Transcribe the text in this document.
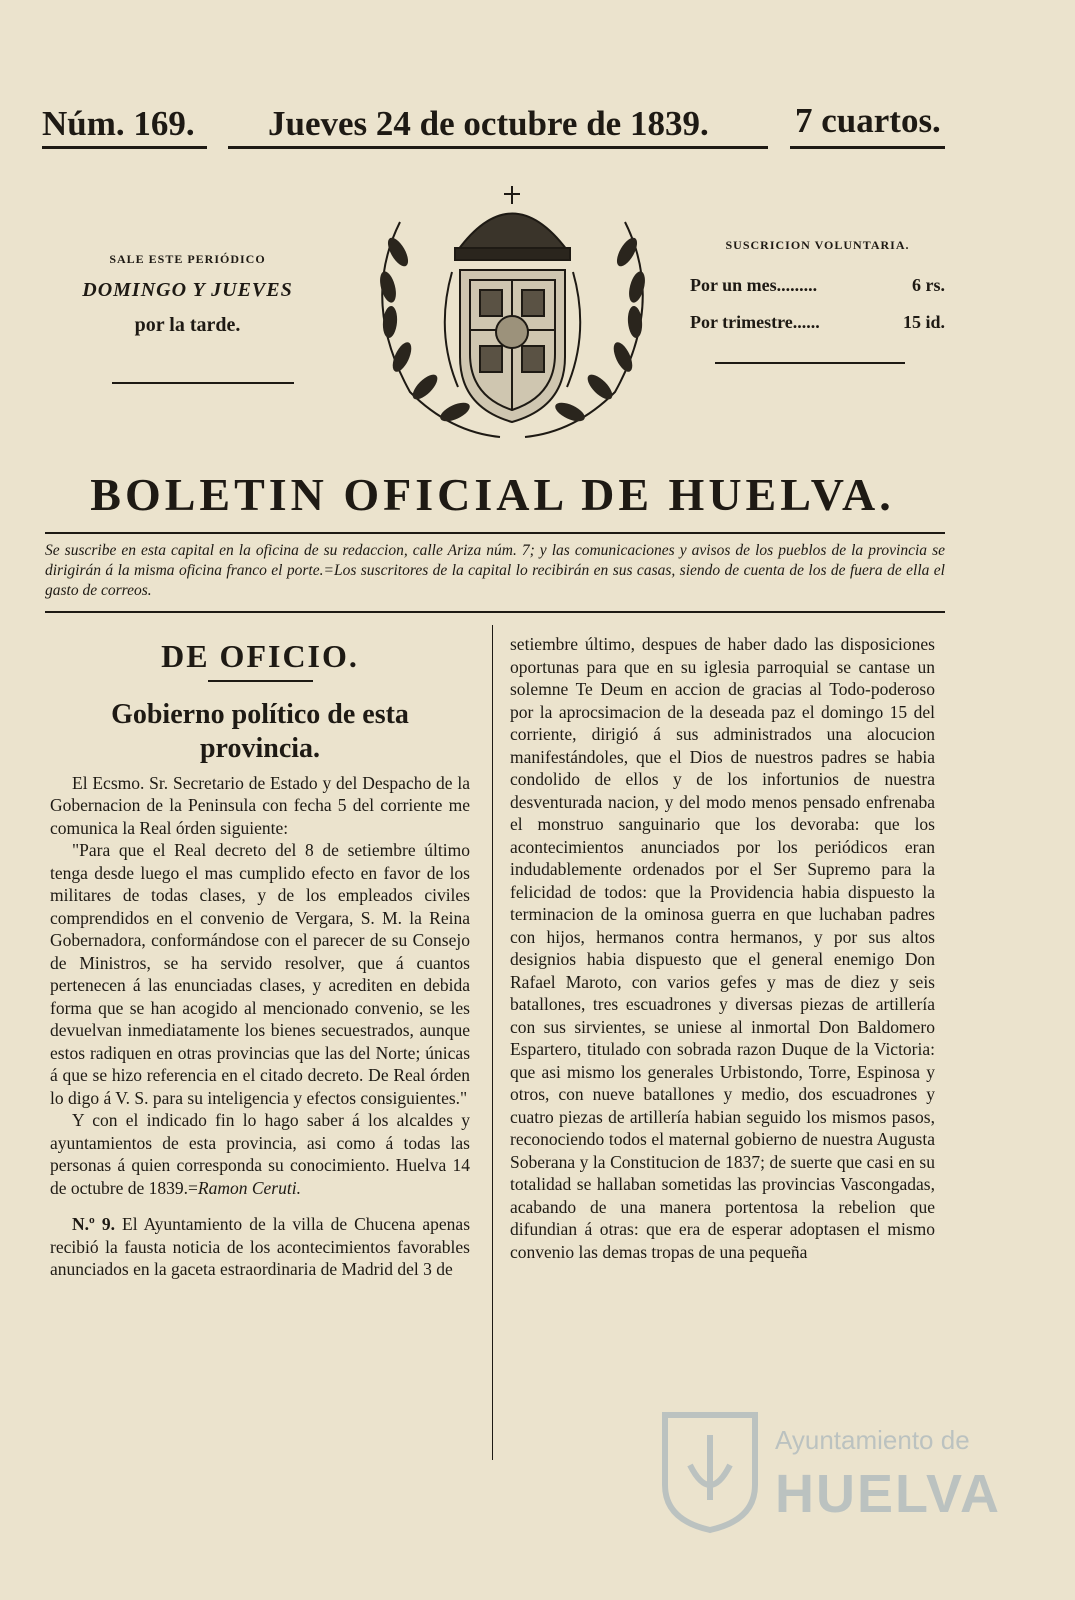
Núm. 169. Jueves 24 de octubre de 1839. 7 cuartos.
SALE ESTE PERIÓDICO
DOMINGO Y JUEVES
por la tarde.
SUSCRICION VOLUNTARIA.
Por un mes.........	6 rs.
Por trimestre......	15 id.
BOLETIN OFICIAL DE HUELVA.
Se suscribe en esta capital en la oficina de su redaccion, calle Ariza núm. 7; y las comunicaciones y avisos de los pueblos de la provincia se dirigirán á la misma oficina franco el porte.=Los suscritores de la capital lo recibirán en sus casas, siendo de cuenta de los de fuera de ella el gasto de correos.
DE OFICIO.
Gobierno político de esta provincia.

El Ecsmo. Sr. Secretario de Estado y del Despacho de la Gobernacion de la Peninsula con fecha 5 del corriente me comunica la Real órden siguiente:

"Para que el Real decreto del 8 de setiembre último tenga desde luego el mas cumplido efecto en favor de los militares de todas clases, y de los empleados civiles comprendidos en el convenio de Vergara, S. M. la Reina Gobernadora, conformándose con el parecer de su Consejo de Ministros, se ha servido resolver, que á cuantos pertenecen á las enunciadas clases, y acrediten en debida forma que se han acogido al mencionado convenio, se les devuelvan inmediatamente los bienes secuestrados, aunque estos radiquen en otras provincias que las del Norte; únicas á que se hizo referencia en el citado decreto. De Real órden lo digo á V. S. para su inteligencia y efectos consiguientes."

Y con el indicado fin lo hago saber á los alcaldes y ayuntamientos de esta provincia, asi como á todas las personas á quien corresponda su conocimiento. Huelva 14 de octubre de 1839.=Ramon Ceruti.

N.º 9. El Ayuntamiento de la villa de Chucena apenas recibió la fausta noticia de los acontecimientos favorables anunciados en la gaceta estraordinaria de Madrid del 3 de

setiembre último, despues de haber dado las disposiciones oportunas para que en su iglesia parroquial se cantase un solemne Te Deum en accion de gracias al Todo-poderoso por la aprocsimacion de la deseada paz el domingo 15 del corriente, dirigió á sus administrados una alocucion manifestándoles, que el Dios de nuestros padres se habia condolido de ellos y de los infortunios de nuestra desventurada nacion, y del modo menos pensado enfrenaba el monstruo sanguinario que los devoraba: que los acontecimientos anunciados por los periódicos eran indudablemente ordenados por el Ser Supremo para la felicidad de todos: que la Providencia habia dispuesto la terminacion de la ominosa guerra en que luchaban padres con hijos, hermanos contra hermanos, y por sus altos designios habia dispuesto que el general enemigo Don Rafael Maroto, con varios gefes y mas de diez y seis batallones, tres escuadrones y diversas piezas de artillería con sus sirvientes, se uniese al inmortal Don Baldomero Espartero, titulado con sobrada razon Duque de la Victoria: que asi mismo los generales Urbistondo, Torre, Espinosa y otros, con nueve batallones y medio, dos escuadrones y cuatro piezas de artillería habian seguido los mismos pasos, reconociendo todos el maternal gobierno de nuestra Augusta Soberana y la Constitucion de 1837; de suerte que casi en su totalidad se hallaban sometidas las provincias Vascongadas, acabando de una manera portentosa la rebelion que difundian á otras: que era de esperar adoptasen el mismo convenio las demas tropas de una pequeña

Ayuntamiento de
HUELVA
